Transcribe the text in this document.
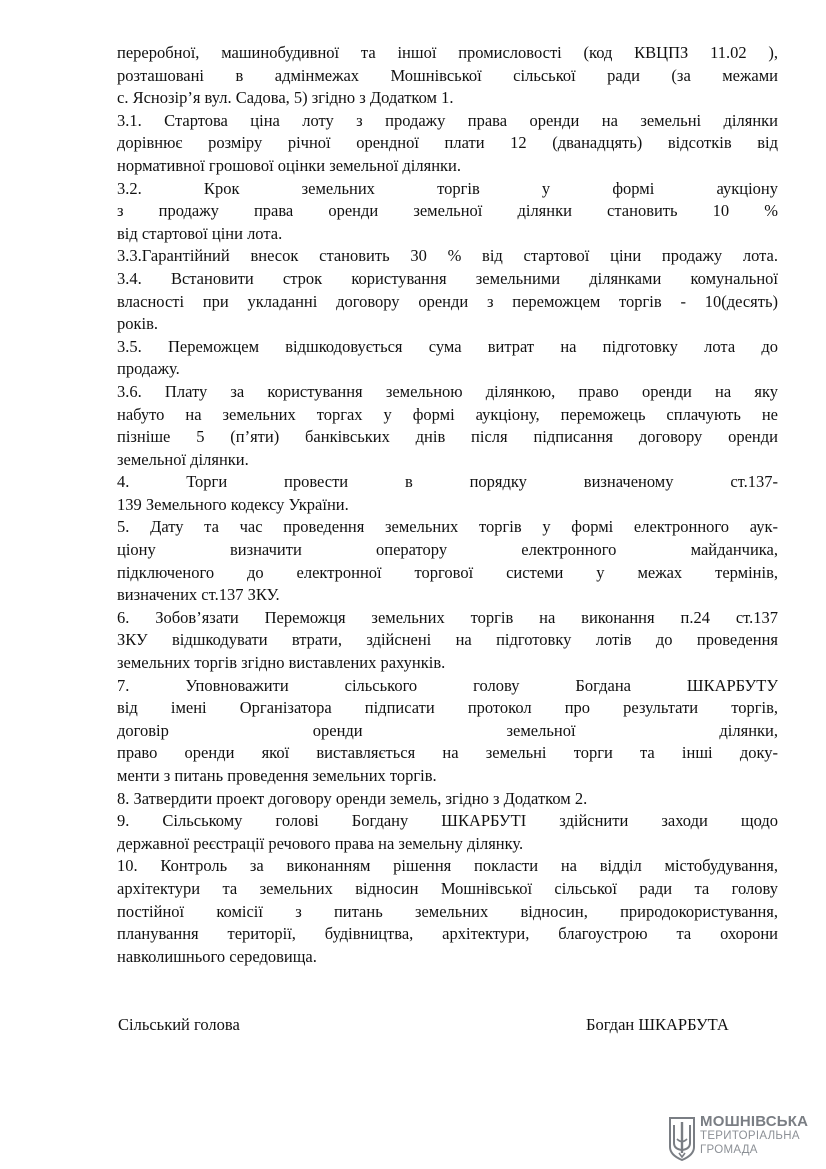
переробної, машинобудивної та іншої промисловості (код КВЦПЗ 11.02 ),
розташовані в адмінмежах Мошнівської сільської ради (за межами
с. Яснозір’я вул. Садова, 5) згідно з Додатком 1.
3.1. Стартова ціна лоту з продажу права оренди на земельні ділянки
дорівнює розміру річної орендної плати 12 (дванадцять) відсотків від
нормативної грошової оцінки земельної ділянки.
3.2. Крок земельних торгів у формі аукціону
з продажу права оренди земельної ділянки становить 10 %
від стартової ціни лота.
3.3.Гарантійний внесок становить 30 % від стартової ціни продажу лота.
3.4. Встановити строк користування земельними ділянками комунальної
власності при укладанні договору оренди з переможцем торгів - 10(десять)
років.
3.5. Переможцем відшкодовується сума витрат на підготовку лота до
продажу.
3.6. Плату за користування земельною ділянкою, право оренди на яку
набуто на земельних торгах у формі аукціону, переможець сплачують не
пізніше 5 (п’яти) банківських днів після підписання договору оренди
земельної ділянки.
4. Торги провести в порядку визначеному ст.137-
139 Земельного кодексу України.
5. Дату та час проведення земельних торгів у формі електронного аук-
ціону визначити оператору електронного майданчика,
підключеного до електронної торгової системи у межах термінів,
визначених ст.137 ЗКУ.
6. Зобов’язати Переможця земельних торгів на виконання п.24 ст.137
ЗКУ відшкодувати втрати, здійснені на підготовку лотів до проведення
земельних торгів згідно виставлених рахунків.
7. Уповноважити сільського голову Богдана ШКАРБУТУ
від імені Організатора підписати протокол про результати торгів,
договір оренди земельної ділянки,
право оренди якої виставляється на земельні торги та інші доку-
менти з питань проведення земельних торгів.
8. Затвердити проект договору оренди земель, згідно з Додатком 2.
9. Сільському голові Богдану ШКАРБУТІ здійснити заходи щодо
державної реєстрації речового права на земельну ділянку.
10. Контроль за виконанням рішення покласти на відділ містобудування,
архітектури та земельних відносин Мошнівської сільської ради та голову
постійної комісії з питань земельних відносин, природокористування,
планування території, будівництва, архітектури, благоустрою та охорони
навколишнього середовища.
Сільський голова	Богдан ШКАРБУТА
МОШНІВСЬКА
ТЕРИТОРІАЛЬНА
ГРОМАДА
